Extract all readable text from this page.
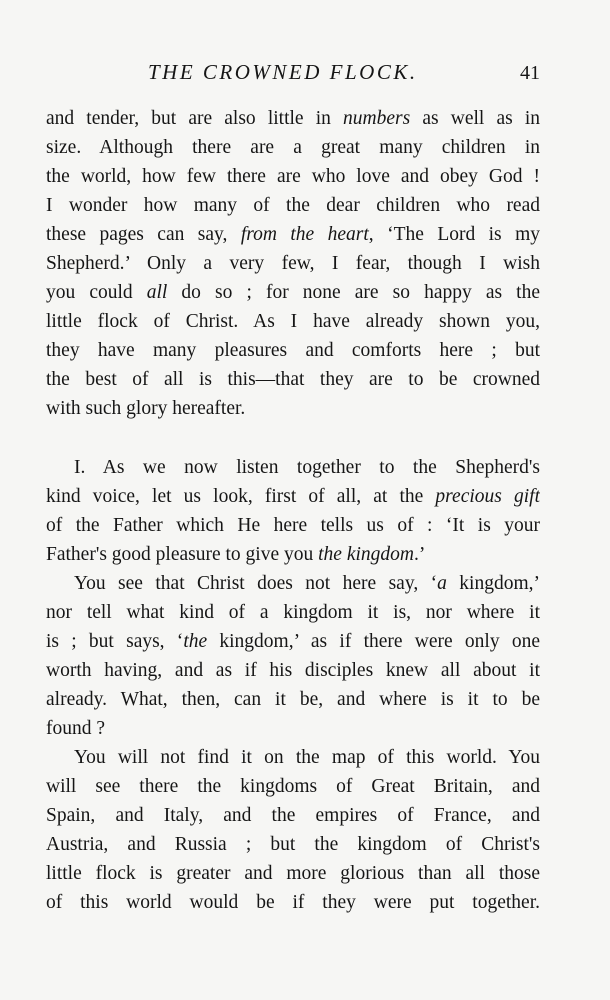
THE CROWNED FLOCK.	41
and tender, but are also little in numbers as well as in
size. Although there are a great many children in
the world, how few there are who love and obey God !
I wonder how many of the dear children who read
these pages can say, from the heart, ‘The Lord is my
Shepherd.’ Only a very few, I fear, though I wish
you could all do so ; for none are so happy as the
little flock of Christ. As I have already shown you,
they have many pleasures and comforts here ; but
the best of all is this—that they are to be crowned
with such glory hereafter.
I. As we now listen together to the Shepherd's
kind voice, let us look, first of all, at the precious gift
of the Father which He here tells us of : ‘It is your
Father's good pleasure to give you the kingdom.’
You see that Christ does not here say, ‘a kingdom,’
nor tell what kind of a kingdom it is, nor where it
is ; but says, ‘the kingdom,’ as if there were only one
worth having, and as if his disciples knew all about it
already. What, then, can it be, and where is it to be
found ?
You will not find it on the map of this world. You
will see there the kingdoms of Great Britain, and
Spain, and Italy, and the empires of France, and
Austria, and Russia ; but the kingdom of Christ's
little flock is greater and more glorious than all those
of this world would be if they were put together.
